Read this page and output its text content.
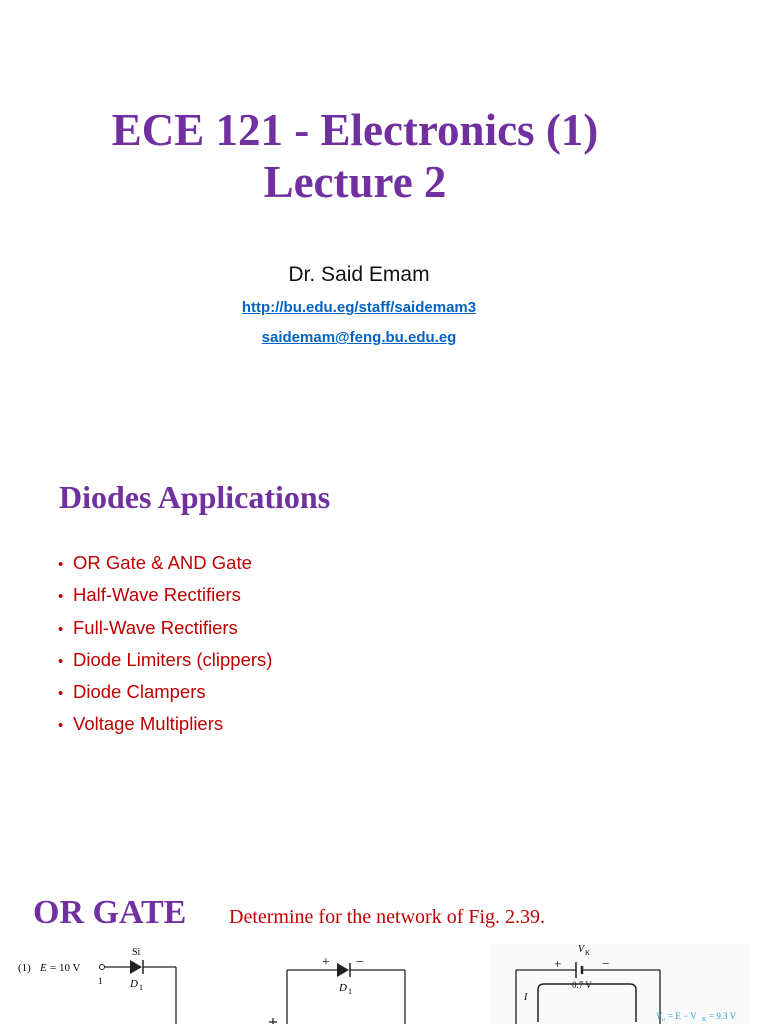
ECE 121 - Electronics (1)
Lecture 2
Dr. Said Emam
http://bu.edu.eg/staff/saidemam3
saidemam@feng.bu.edu.eg
Diodes Applications
• OR Gate & AND Gate
• Half-Wave Rectifiers
• Full-Wave Rectifiers
• Diode Limiters (clippers)
• Diode Clampers
• Voltage Multipliers
OR GATE Determine for the network of Fig. 2.39.
(1) E = 10 V
1
Si
D 1
+ −
D 1
V K
+	−
0.7 V
I
V o = E − V K = 9.3 V
